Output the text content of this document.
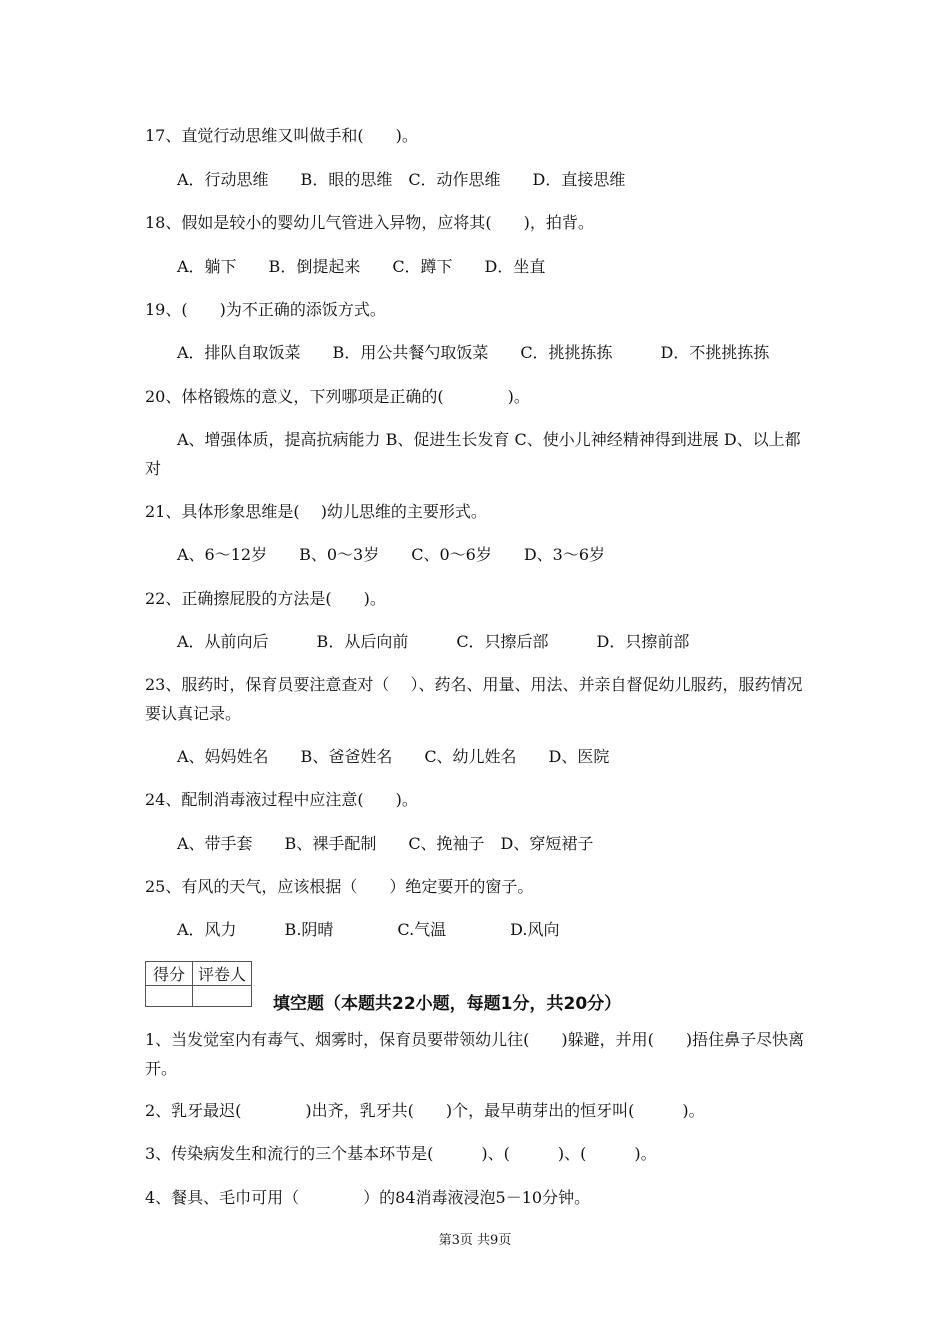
17、直觉行动思维又叫做手和(　　)。
A．行动思维　　B．眼的思维　C．动作思维　　D．直接思维
18、假如是较小的婴幼儿气管进入异物，应将其(　　)，拍背。
A．躺下　　B．倒提起来　　C．蹲下　　D．坐直
19、(　　)为不正确的添饭方式。
A．排队自取饭菜　　B．用公共餐勺取饭菜　　C．挑挑拣拣　　　D．不挑挑拣拣
20、体格锻炼的意义，下列哪项是正确的(　　　　)。
A、增强体质，提高抗病能力 B、促进生长发育 C、使小儿神经精神得到进展 D、以上都对
21、具体形象思维是(　 )幼儿思维的主要形式。
A、6～12岁　　B、0～3岁　　C、0～6岁　　D、3～6岁
22、正确擦屁股的方法是(　　)。
A．从前向后　　　B．从后向前　　　C．只擦后部　　　D．只擦前部
23、服药时，保育员要注意查对（　 ）、药名、用量、用法、并亲自督促幼儿服药，服药情况要认真记录。
A、妈妈姓名　　B、爸爸姓名　　C、幼儿姓名　　D、医院
24、配制消毒液过程中应注意(　　)。
A、带手套　　B、裸手配制　　C、挽袖子　D、穿短裙子
25、有风的天气，应该根据（　　）绝定要开的窗子。
A．风力　　　B.阴晴　　　　C.气温　　　　D.风向
得分	评卷人

填空题（本题共22小题，每题1分，共20分）
1、当发觉室内有毒气、烟雾时，保育员要带领幼儿往(　　)躲避，并用(　　)捂住鼻子尽快离开。
2、乳牙最迟(　　　　)出齐，乳牙共(　　)个，最早萌芽出的恒牙叫(　　　)。
3、传染病发生和流行的三个基本环节是(　　　)、(　　　)、(　　　)。
4、餐具、毛巾可用（　　　　）的84消毒液浸泡5－10分钟。
第3页 共9页
